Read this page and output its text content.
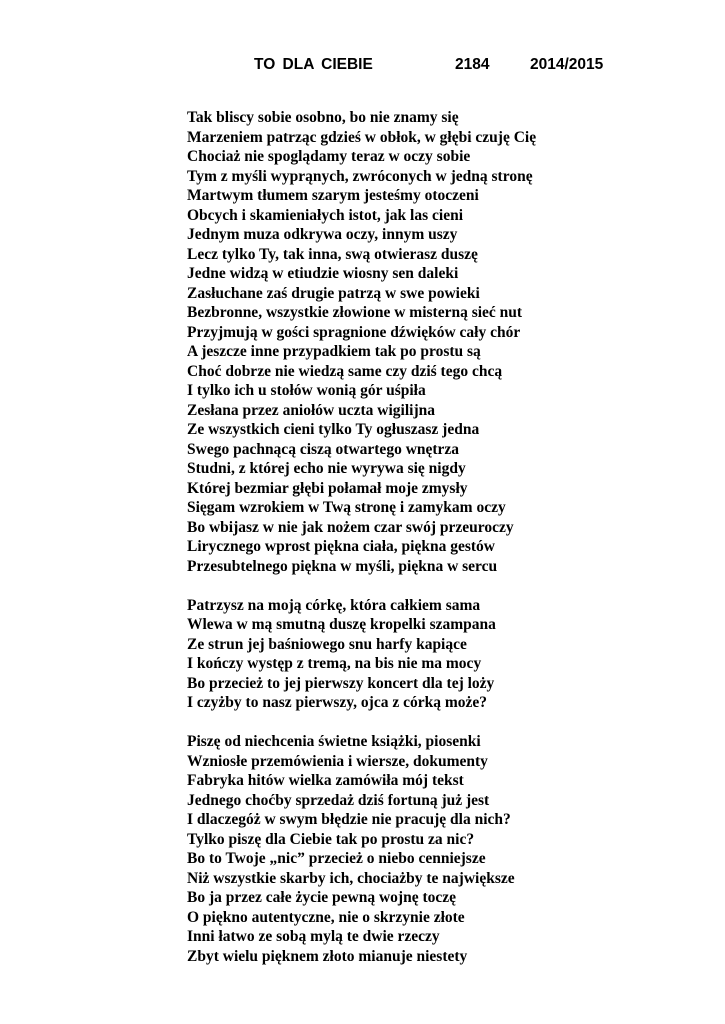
TO DLA CIEBIE	2184	2014/2015
Tak bliscy sobie osobno, bo nie znamy się
Marzeniem patrząc gdzieś w obłok, w głębi czuję Cię
Chociaż nie spoglądamy teraz w oczy sobie
Tym z myśli wyprąnych, zwróconych w jedną stronę
Martwym tłumem szarym jesteśmy otoczeni
Obcych i skamieniałych istot, jak las cieni
Jednym muza odkrywa oczy, innym uszy
Lecz tylko Ty, tak inna, swą otwierasz duszę
Jedne widzą w etiudzie wiosny sen daleki
Zasłuchane zaś drugie patrzą w swe powieki
Bezbronne, wszystkie złowione w misterną sieć nut
Przyjmują w gości spragnione dźwięków cały chór
A jeszcze inne przypadkiem tak po prostu są
Choć dobrze nie wiedzą same czy dziś tego chcą
I tylko ich u stołów wonią gór uśpiła
Zesłana przez aniołów uczta wigilijna
Ze wszystkich cieni tylko Ty ogłuszasz jedna
Swego pachnącą ciszą otwartego wnętrza
Studni, z której echo nie wyrywa się nigdy
Której bezmiar głębi połamał moje zmysły
Sięgam wzrokiem w Twą stronę i zamykam oczy
Bo wbijasz w nie jak nożem czar swój przeuroczy
Lirycznego wprost piękna ciała, piękna gestów
Przesubtelnego piękna w myśli, piękna w sercu
Patrzysz na moją córkę, która całkiem sama
Wlewa w mą smutną duszę kropelki szampana
Ze strun jej baśniowego snu harfy kapiące
I kończy występ z tremą, na bis nie ma mocy
Bo przecież to jej pierwszy koncert dla tej loży
I czyżby to nasz pierwszy, ojca z córką może?
Piszę od niechcenia świetne książki, piosenki
Wzniosłe przemówienia i wiersze, dokumenty
Fabryka hitów wielka zamówiła mój tekst
Jednego choćby sprzedaż dziś fortuną już jest
I dlaczegóż w swym błędzie nie pracuję dla nich?
Tylko piszę dla Ciebie tak po prostu za nic?
Bo to Twoje „nic” przecież o niebo cenniejsze
Niż wszystkie skarby ich, chociażby te największe
Bo ja przez całe życie pewną wojnę toczę
O piękno autentyczne, nie o skrzynie złote
Inni łatwo ze sobą mylą te dwie rzeczy
Zbyt wielu pięknem złoto mianuje niestety
